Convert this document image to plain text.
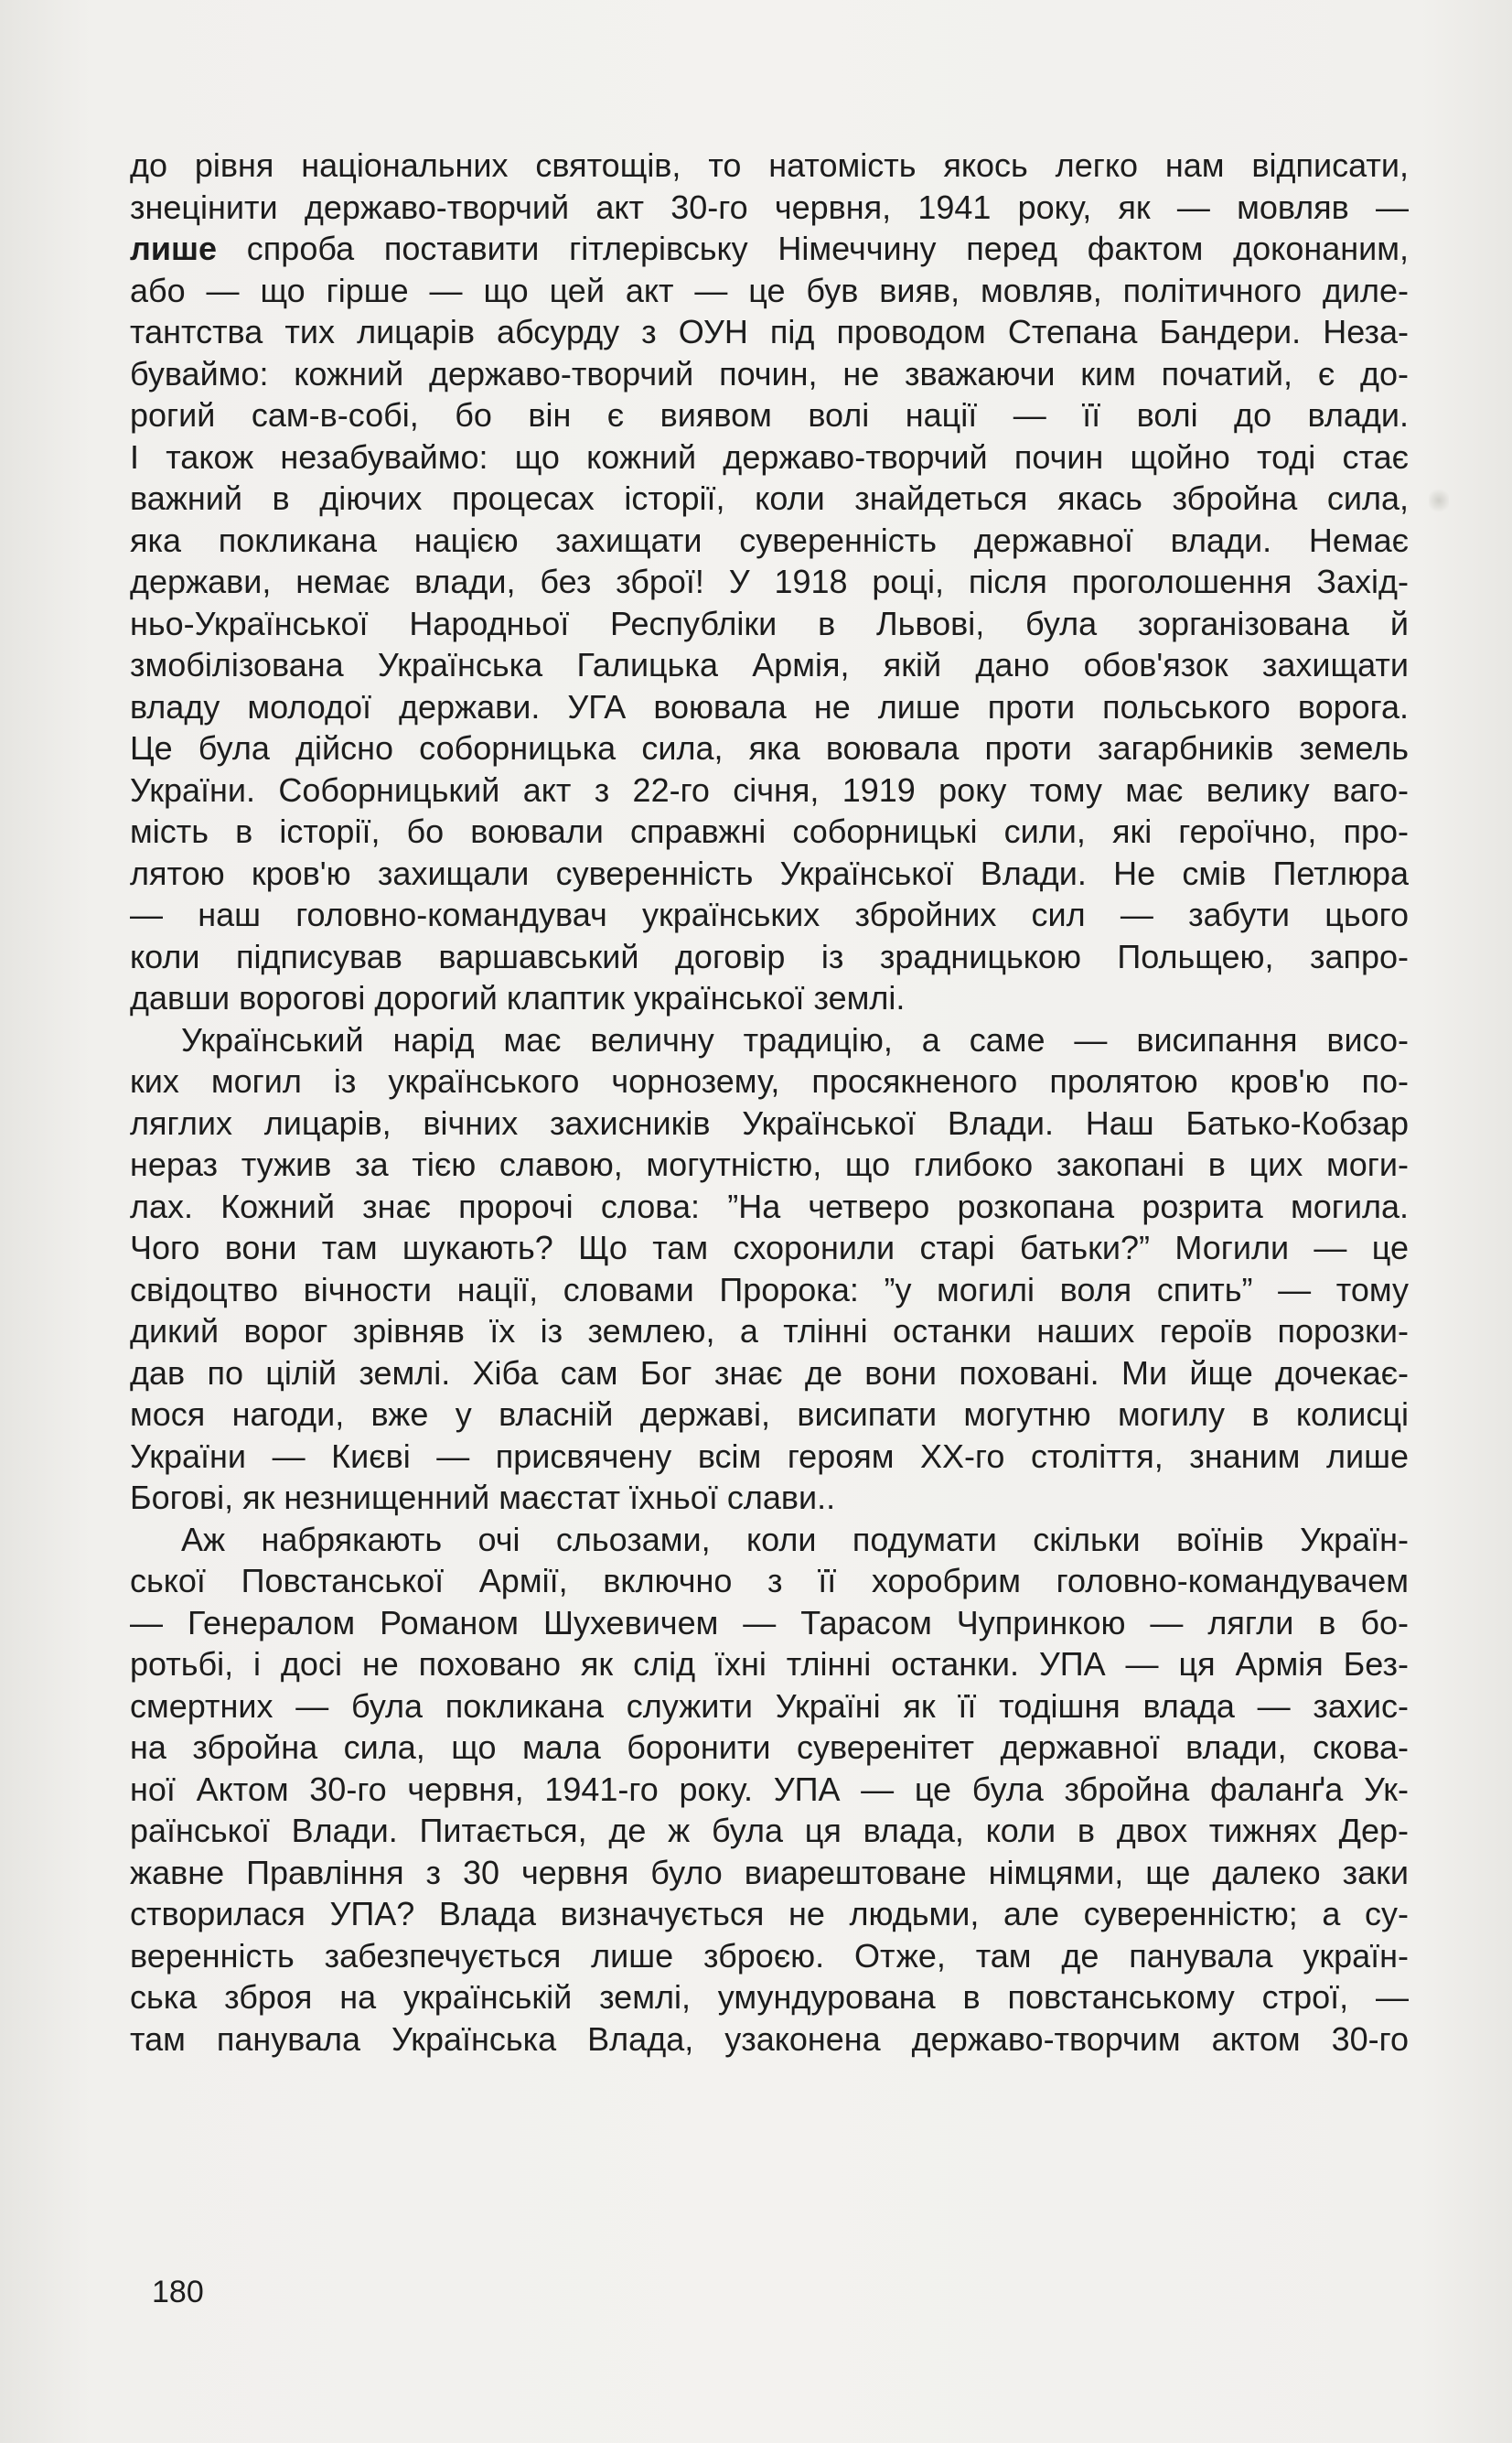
до рівня національних святощів, то натомість якось легко нам відписати,
знецінити державо-творчий акт 30-го червня, 1941 року, як — мовляв —
лише спроба поставити гітлерівську Німеччину перед фактом доконаним,
або — що гірше — що цей акт — це був вияв, мовляв, політичного диле-
тантства тих лицарів абсурду з ОУН під проводом Степана Бандери. Неза-
буваймо: кожний державо-творчий почин, не зважаючи ким початий, є до-
рогий сам-в-собі, бо він є виявом волі нації — її волі до влади.
І також незабуваймо: що кожний державо-творчий почин щойно тоді стає
важний в діючих процесах історії, коли знайдеться якась збройна сила,
яка покликана нацією захищати суверенність державної влади. Немає
держави, немає влади, без зброї! У 1918 році, після проголошення Захід-
ньо-Української Народньої Республіки в Львові, була зорганізована й
змобілізована Українська Галицька Армія, якій дано обов'язок захищати
владу молодої держави. УГА воювала не лише проти польського ворога.
Це була дійсно соборницька сила, яка воювала проти загарбників земель
України. Соборницький акт з 22-го січня, 1919 року тому має велику ваго-
мість в історії, бо воювали справжні соборницькі сили, які героїчно, про-
лятою кров'ю захищали суверенність Української Влади. Не смів Петлюра
— наш головно-командувач українських збройних сил — забути цього
коли підписував варшавський договір із зрадницькою Польщею, запро-
давши ворогові дорогий клаптик української землі.
Український нарід має величну традицію, а саме — висипання висо-
ких могил із українського чорнозему, просякненого пролятою кров'ю по-
ляглих лицарів, вічних захисників Української Влади. Наш Батько-Кобзар
нераз тужив за тією славою, могутністю, що глибоко закопані в цих моги-
лах. Кожний знає пророчі слова: ”На четверо розкопана розрита могила.
Чого вони там шукають? Що там схоронили старі батьки?” Могили — це
свідоцтво вічности нації, словами Пророка: ”у могилі воля спить” — тому
дикий ворог зрівняв їх із землею, а тлінні останки наших героїв порозки-
дав по цілій землі. Хіба сам Бог знає де вони поховані. Ми йще дочекає-
мося нагоди, вже у власній державі, висипати могутню могилу в колисці
України — Києві — присвячену всім героям XX-го століття, знаним лише
Богові, як незнищенний маєстат їхньої слави..
Аж набрякають очі сльозами, коли подумати скільки воїнів Україн-
ської Повстанської Армії, включно з її хоробрим головно-командувачем
— Генералом Романом Шухевичем — Тарасом Чупринкою — лягли в бо-
ротьбі, і досі не поховано як слід їхні тлінні останки. УПА — ця Армія Без-
смертних — була покликана служити Україні як її тодішня влада — захис-
на збройна сила, що мала боронити суверенітет державної влади, скова-
ної Актом 30-го червня, 1941-го року. УПА — це була збройна фаланґа Ук-
раїнської Влади. Питається, де ж була ця влада, коли в двох тижнях Дер-
жавне Правління з 30 червня було виарештоване німцями, ще далеко заки
створилася УПА? Влада визначується не людьми, але суверенністю; а су-
веренність забезпечується лише зброєю. Отже, там де панувала україн-
ська зброя на українській землі, умундурована в повстанському строї, —
там панувала Українська Влада, узаконена державо-творчим актом 30-го
180
